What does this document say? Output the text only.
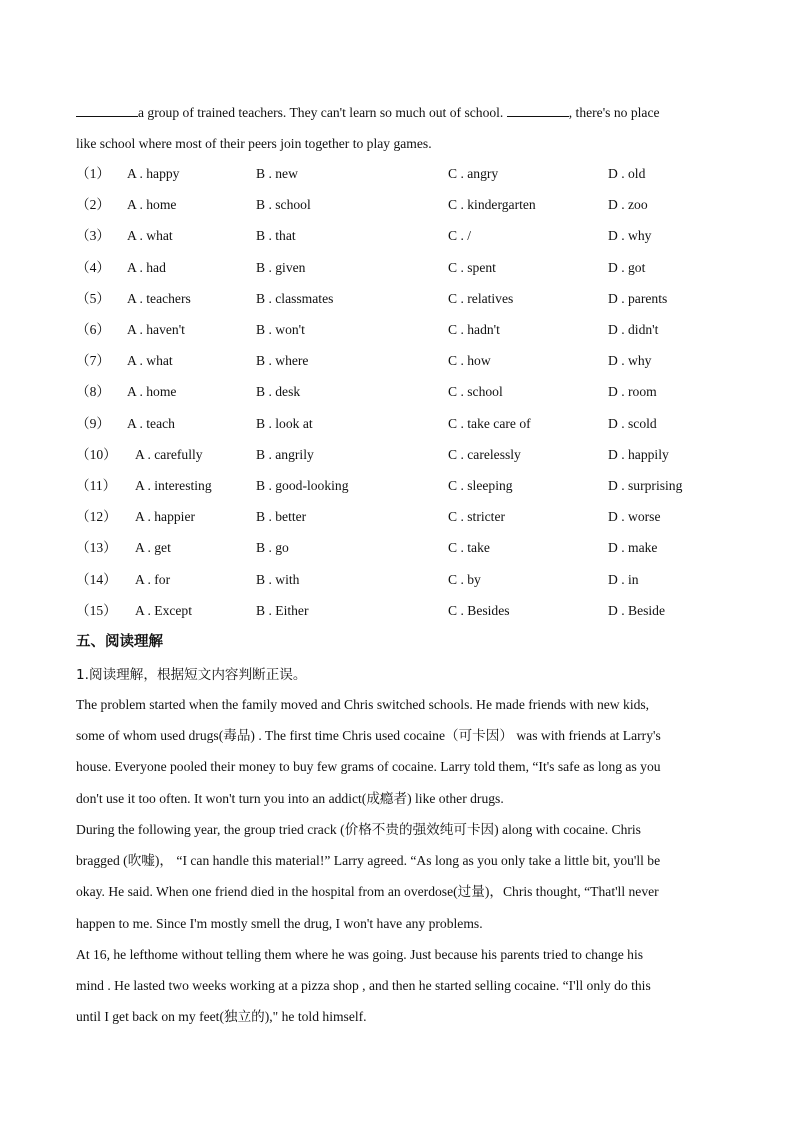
a group of trained teachers. They can't learn so much out of school.	, there's no place
like school where most of their peers join together to play games.
（1） A . happy	B . new	C . angry	D . old
（2） A . home	B . school	C . kindergarten	D . zoo
（3） A . what	B . that	C . /	D . why
（4） A . had	B . given	C . spent	D . got
（5） A . teachers	B . classmates	C . relatives	D . parents
（6） A . haven't	B . won't	C . hadn't	D . didn't
（7） A . what	B . where	C . how	D . why
（8） A . home	B . desk	C . school	D . room
（9） A . teach	B . look at	C . take care of	D . scold
（10） A . carefully	B . angrily	C . carelessly	D . happily
（11） A . interesting	B . good-looking	C . sleeping	D . surprising
（12） A . happier	B . better	C . stricter	D . worse
（13） A . get	B . go	C . take	D . make
（14） A . for	B . with	C . by	D . in
（15） A . Except	B . Either	C . Besides	D . Beside
五、阅读理解
1.阅读理解，根据短文内容判断正误。
The problem started when the family moved and Chris switched schools. He made friends with new kids,
some of whom used drugs(毒品) . The first time Chris used cocaine（可卡因） was with friends at Larry's
house. Everyone pooled their money to buy few grams of cocaine. Larry told them, “It's safe as long as you
don't use it too often. It won't turn you into an addict(成瘾者) like other drugs.
During the following year, the group tried crack (价格不贵的强效纯可卡因) along with cocaine. Chris
bragged (吹嘘)， “I can handle this material!” Larry agreed. “As long as you only take a little bit, you'll be
okay. He said. When one friend died in the hospital from an overdose(过量)，Chris thought, “That'll never
happen to me. Since I'm mostly smell the drug, I won't have any problems.
At 16, he lefthome without telling them where he was going. Just because his parents tried to change his
mind . He lasted two weeks working at a pizza shop , and then he started selling cocaine. “I'll only do this
until I get back on my feet(独立的)," he told himself.
